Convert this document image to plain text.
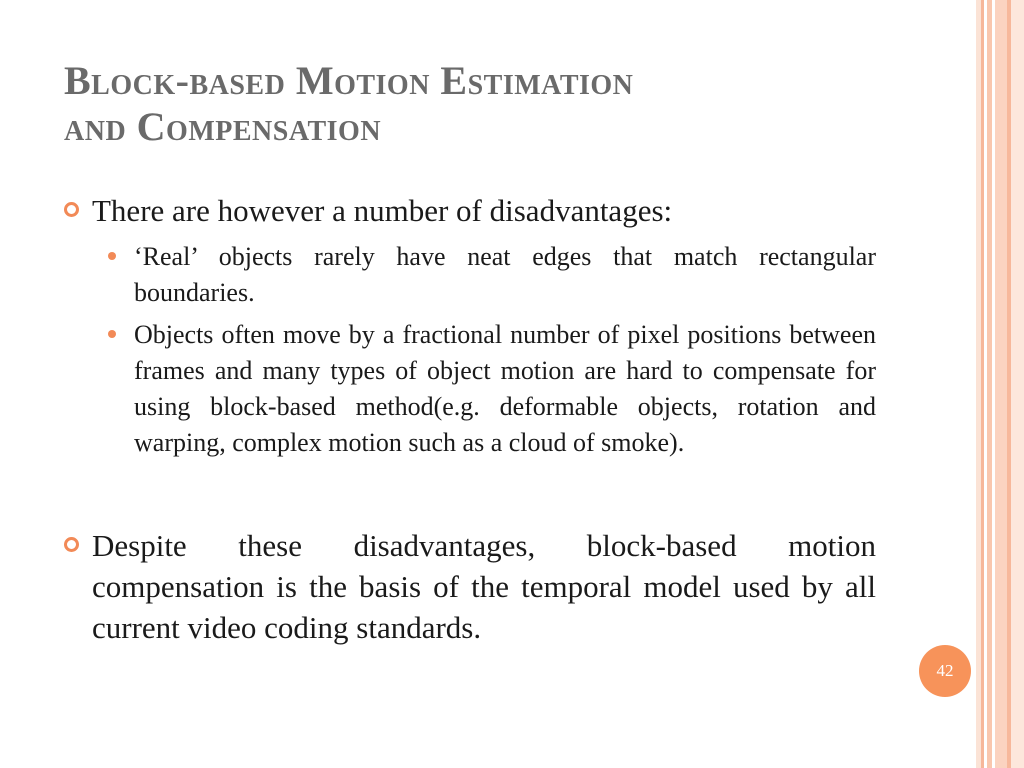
Block-based Motion Estimation
and Compensation
There are however a number of disadvantages:
‘Real’ objects rarely have neat edges that match rectangular boundaries.
Objects often move by a fractional number of pixel positions between frames and many types of object motion are hard to compensate for using block-based method(e.g. deformable objects, rotation and warping, complex motion such as a cloud of smoke).
Despite these disadvantages, block-based motion compensation is the basis of the temporal model used by all current video coding standards.
42
